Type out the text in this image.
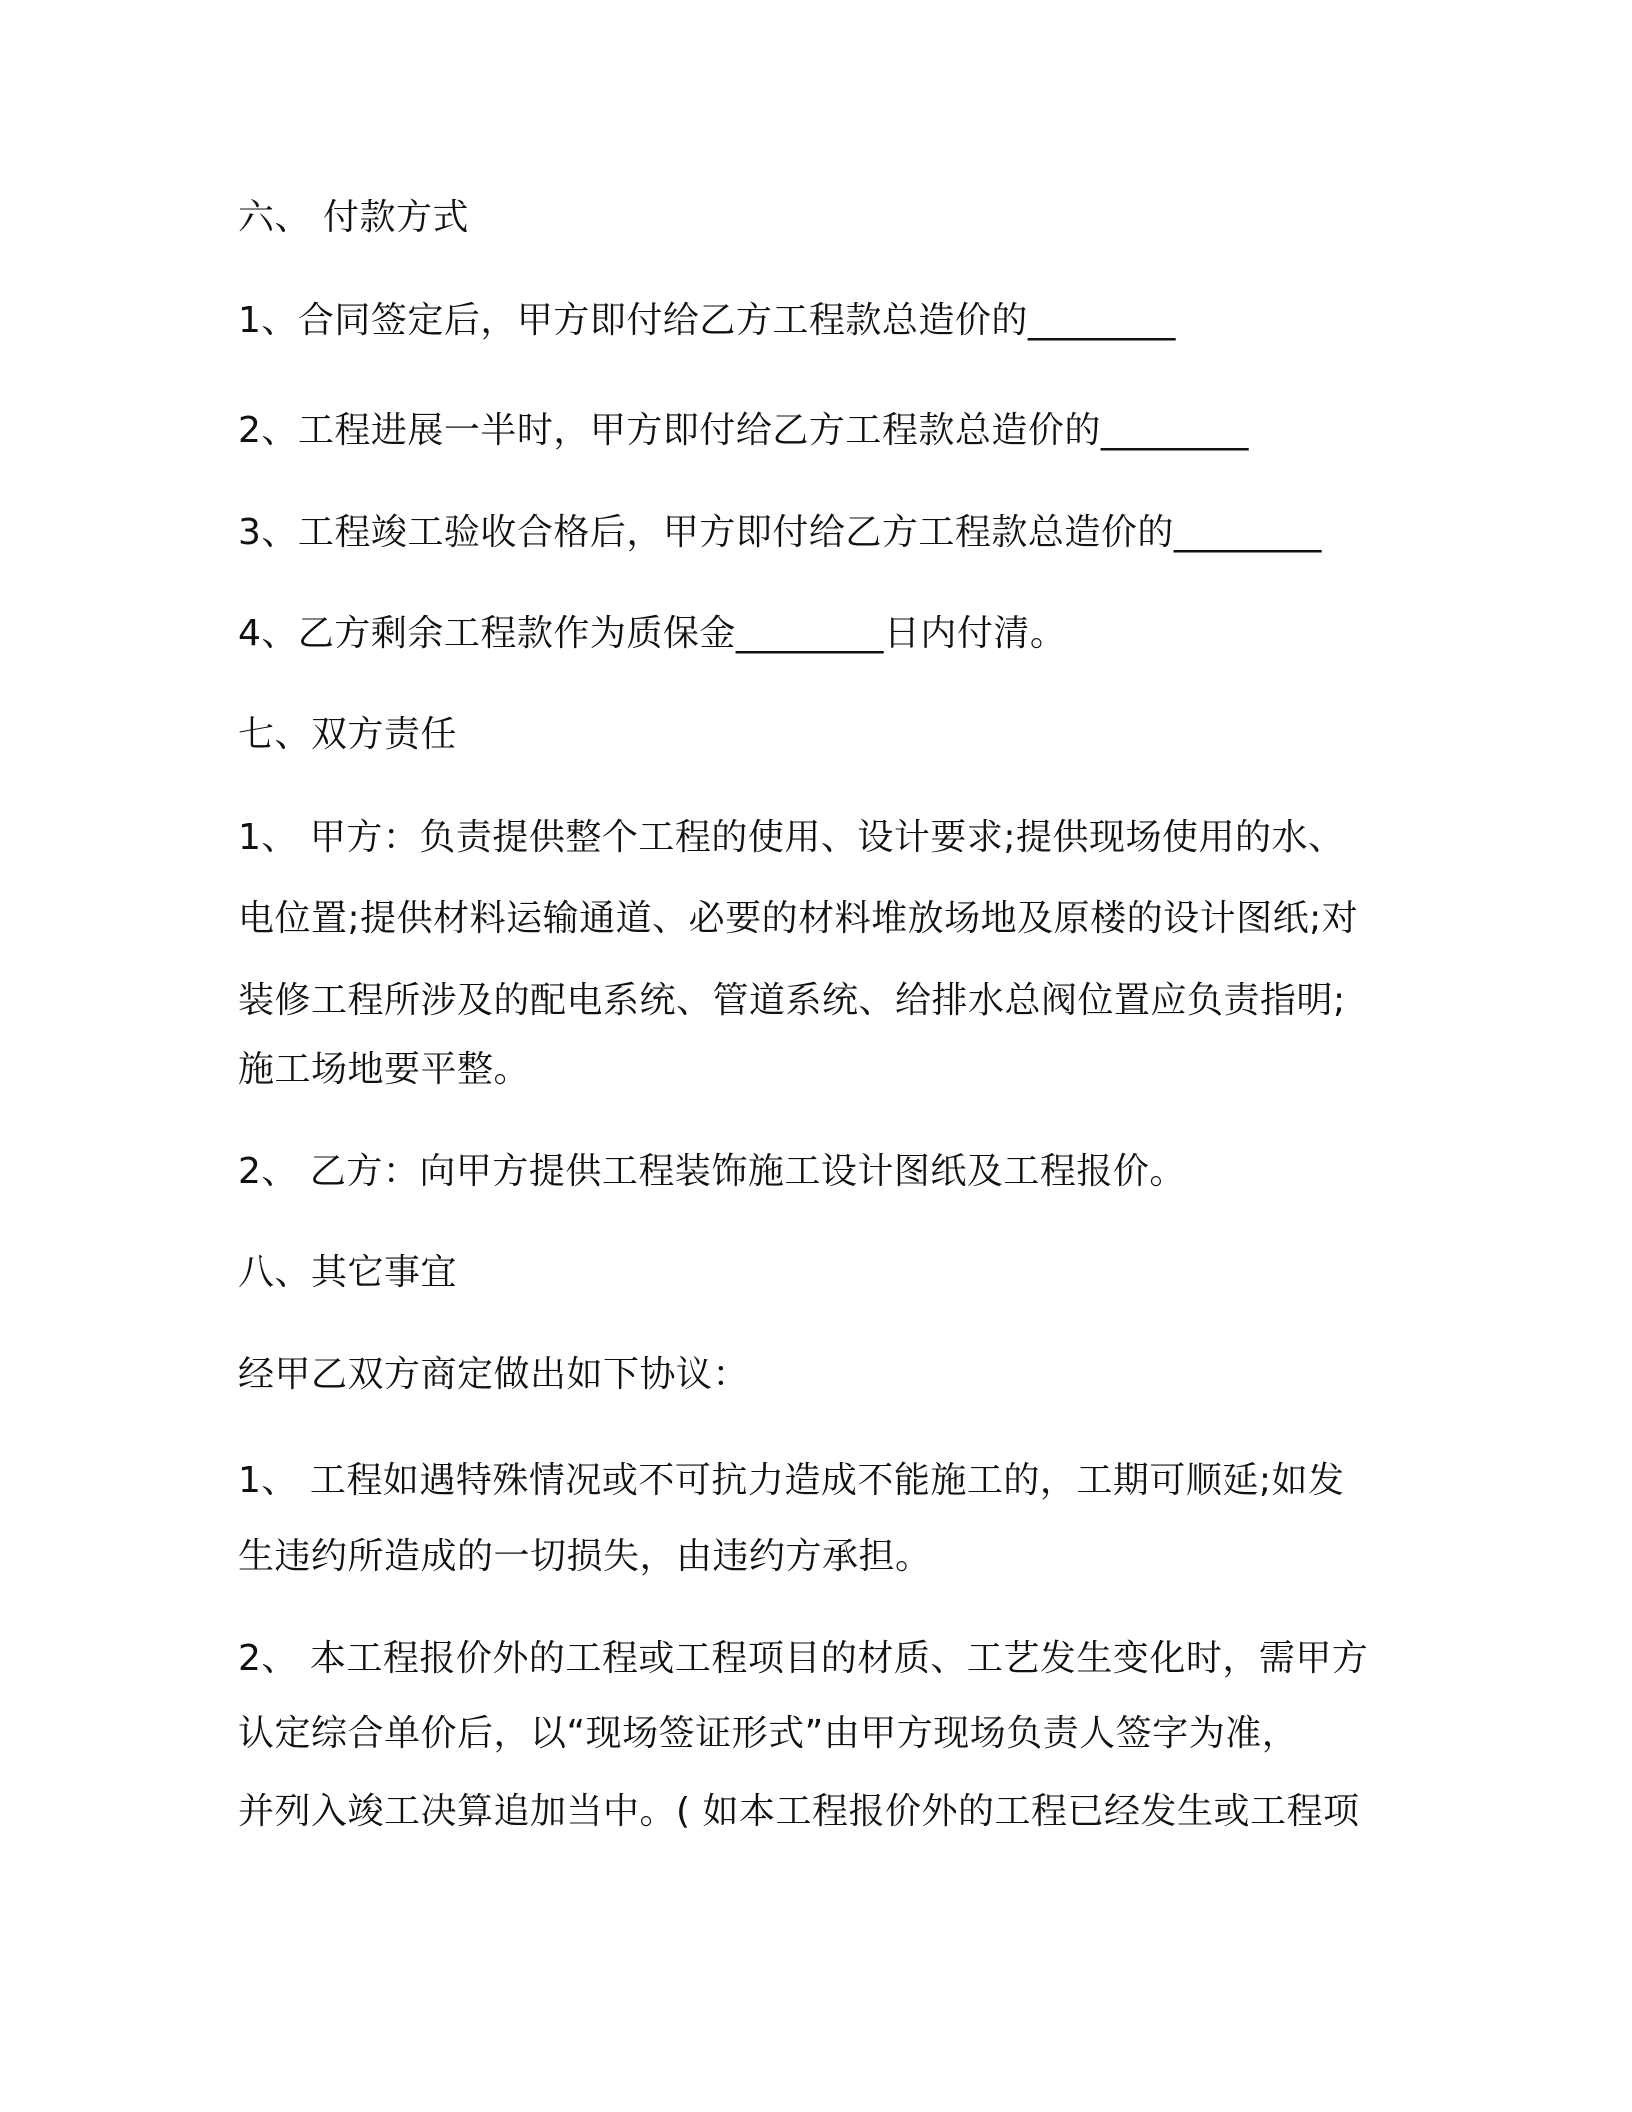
六、 付款方式
1、合同签定后，甲方即付给乙方工程款总造价的________
2、工程进展一半时，甲方即付给乙方工程款总造价的________
3、工程竣工验收合格后，甲方即付给乙方工程款总造价的________
4、乙方剩余工程款作为质保金________日内付清。
七、双方责任
1、 甲方：负责提供整个工程的使用、设计要求;提供现场使用的水、
电位置;提供材料运输通道、必要的材料堆放场地及原楼的设计图纸;对
装修工程所涉及的配电系统、管道系统、给排水总阀位置应负责指明;
施工场地要平整。
2、 乙方：向甲方提供工程装饰施工设计图纸及工程报价。
八、其它事宜
经甲乙双方商定做出如下协议：
1、 工程如遇特殊情况或不可抗力造成不能施工的，工期可顺延;如发
生违约所造成的一切损失，由违约方承担。
2、 本工程报价外的工程或工程项目的材质、工艺发生变化时，需甲方
认定综合单价后，以“现场签证形式”由甲方现场负责人签字为准，
并列入竣工决算追加当中。( 如本工程报价外的工程已经发生或工程项
